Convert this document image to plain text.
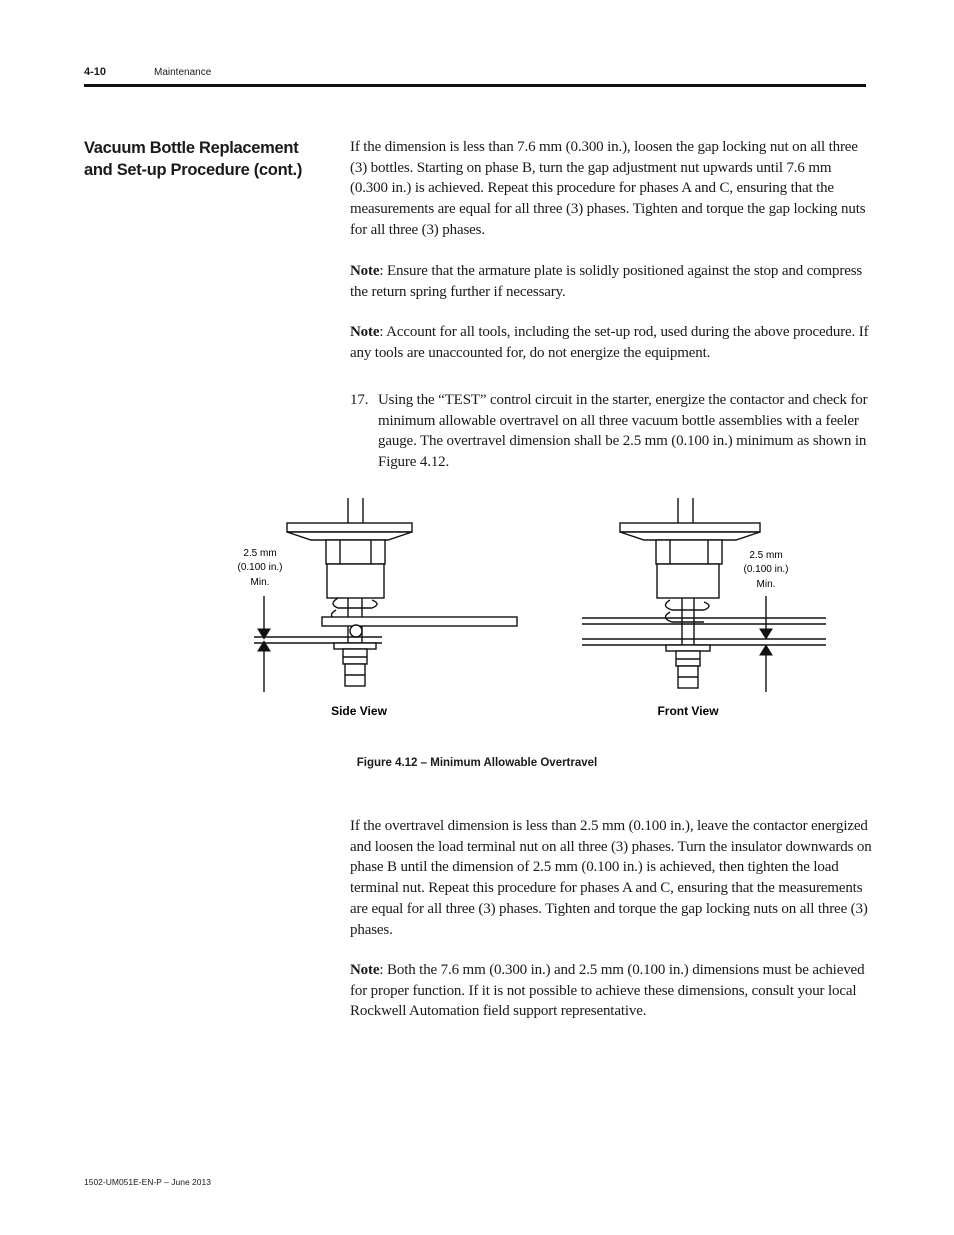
4-10	Maintenance
Vacuum Bottle Replacement
and Set-up Procedure (cont.)

If the dimension is less than 7.6 mm (0.300 in.), loosen the gap locking nut on all three (3) bottles. Starting on phase B, turn the gap adjustment nut upwards until 7.6 mm (0.300 in.) is achieved. Repeat this procedure for phases A and C, ensuring that the measurements are equal for all three (3) phases. Tighten and torque the gap locking nuts for all three (3) phases.

Note: Ensure that the armature plate is solidly positioned against the stop and compress the return spring further if necessary.

Note: Account for all tools, including the set-up rod, used during the above procedure. If any tools are unaccounted for, do not energize the equipment.

17. Using the “TEST” control circuit in the starter, energize the contactor and check for minimum allowable overtravel on all three vacuum bottle assemblies with a feeler gauge. The overtravel dimension shall be 2.5 mm (0.100 in.) minimum as shown in Figure 4.12.
2.5 mm
(0.100 in.)
Min.
Side View
2.5 mm
(0.100 in.)
Min.
Front View
Figure 4.12 – Minimum Allowable Overtravel

If the overtravel dimension is less than 2.5 mm (0.100 in.), leave the contactor energized and loosen the load terminal nut on all three (3) phases. Turn the insulator downwards on phase B until the dimension of 2.5 mm (0.100 in.) is achieved, then tighten the load terminal nut. Repeat this procedure for phases A and C, ensuring that the measurements are equal for all three (3) phases. Tighten and torque the gap locking nuts on all three (3) phases.

Note: Both the 7.6 mm (0.300 in.) and 2.5 mm (0.100 in.) dimensions must be achieved for proper function. If it is not possible to achieve these dimensions, consult your local Rockwell Automation field support representative.

1502-UM051E-EN-P – June 2013
